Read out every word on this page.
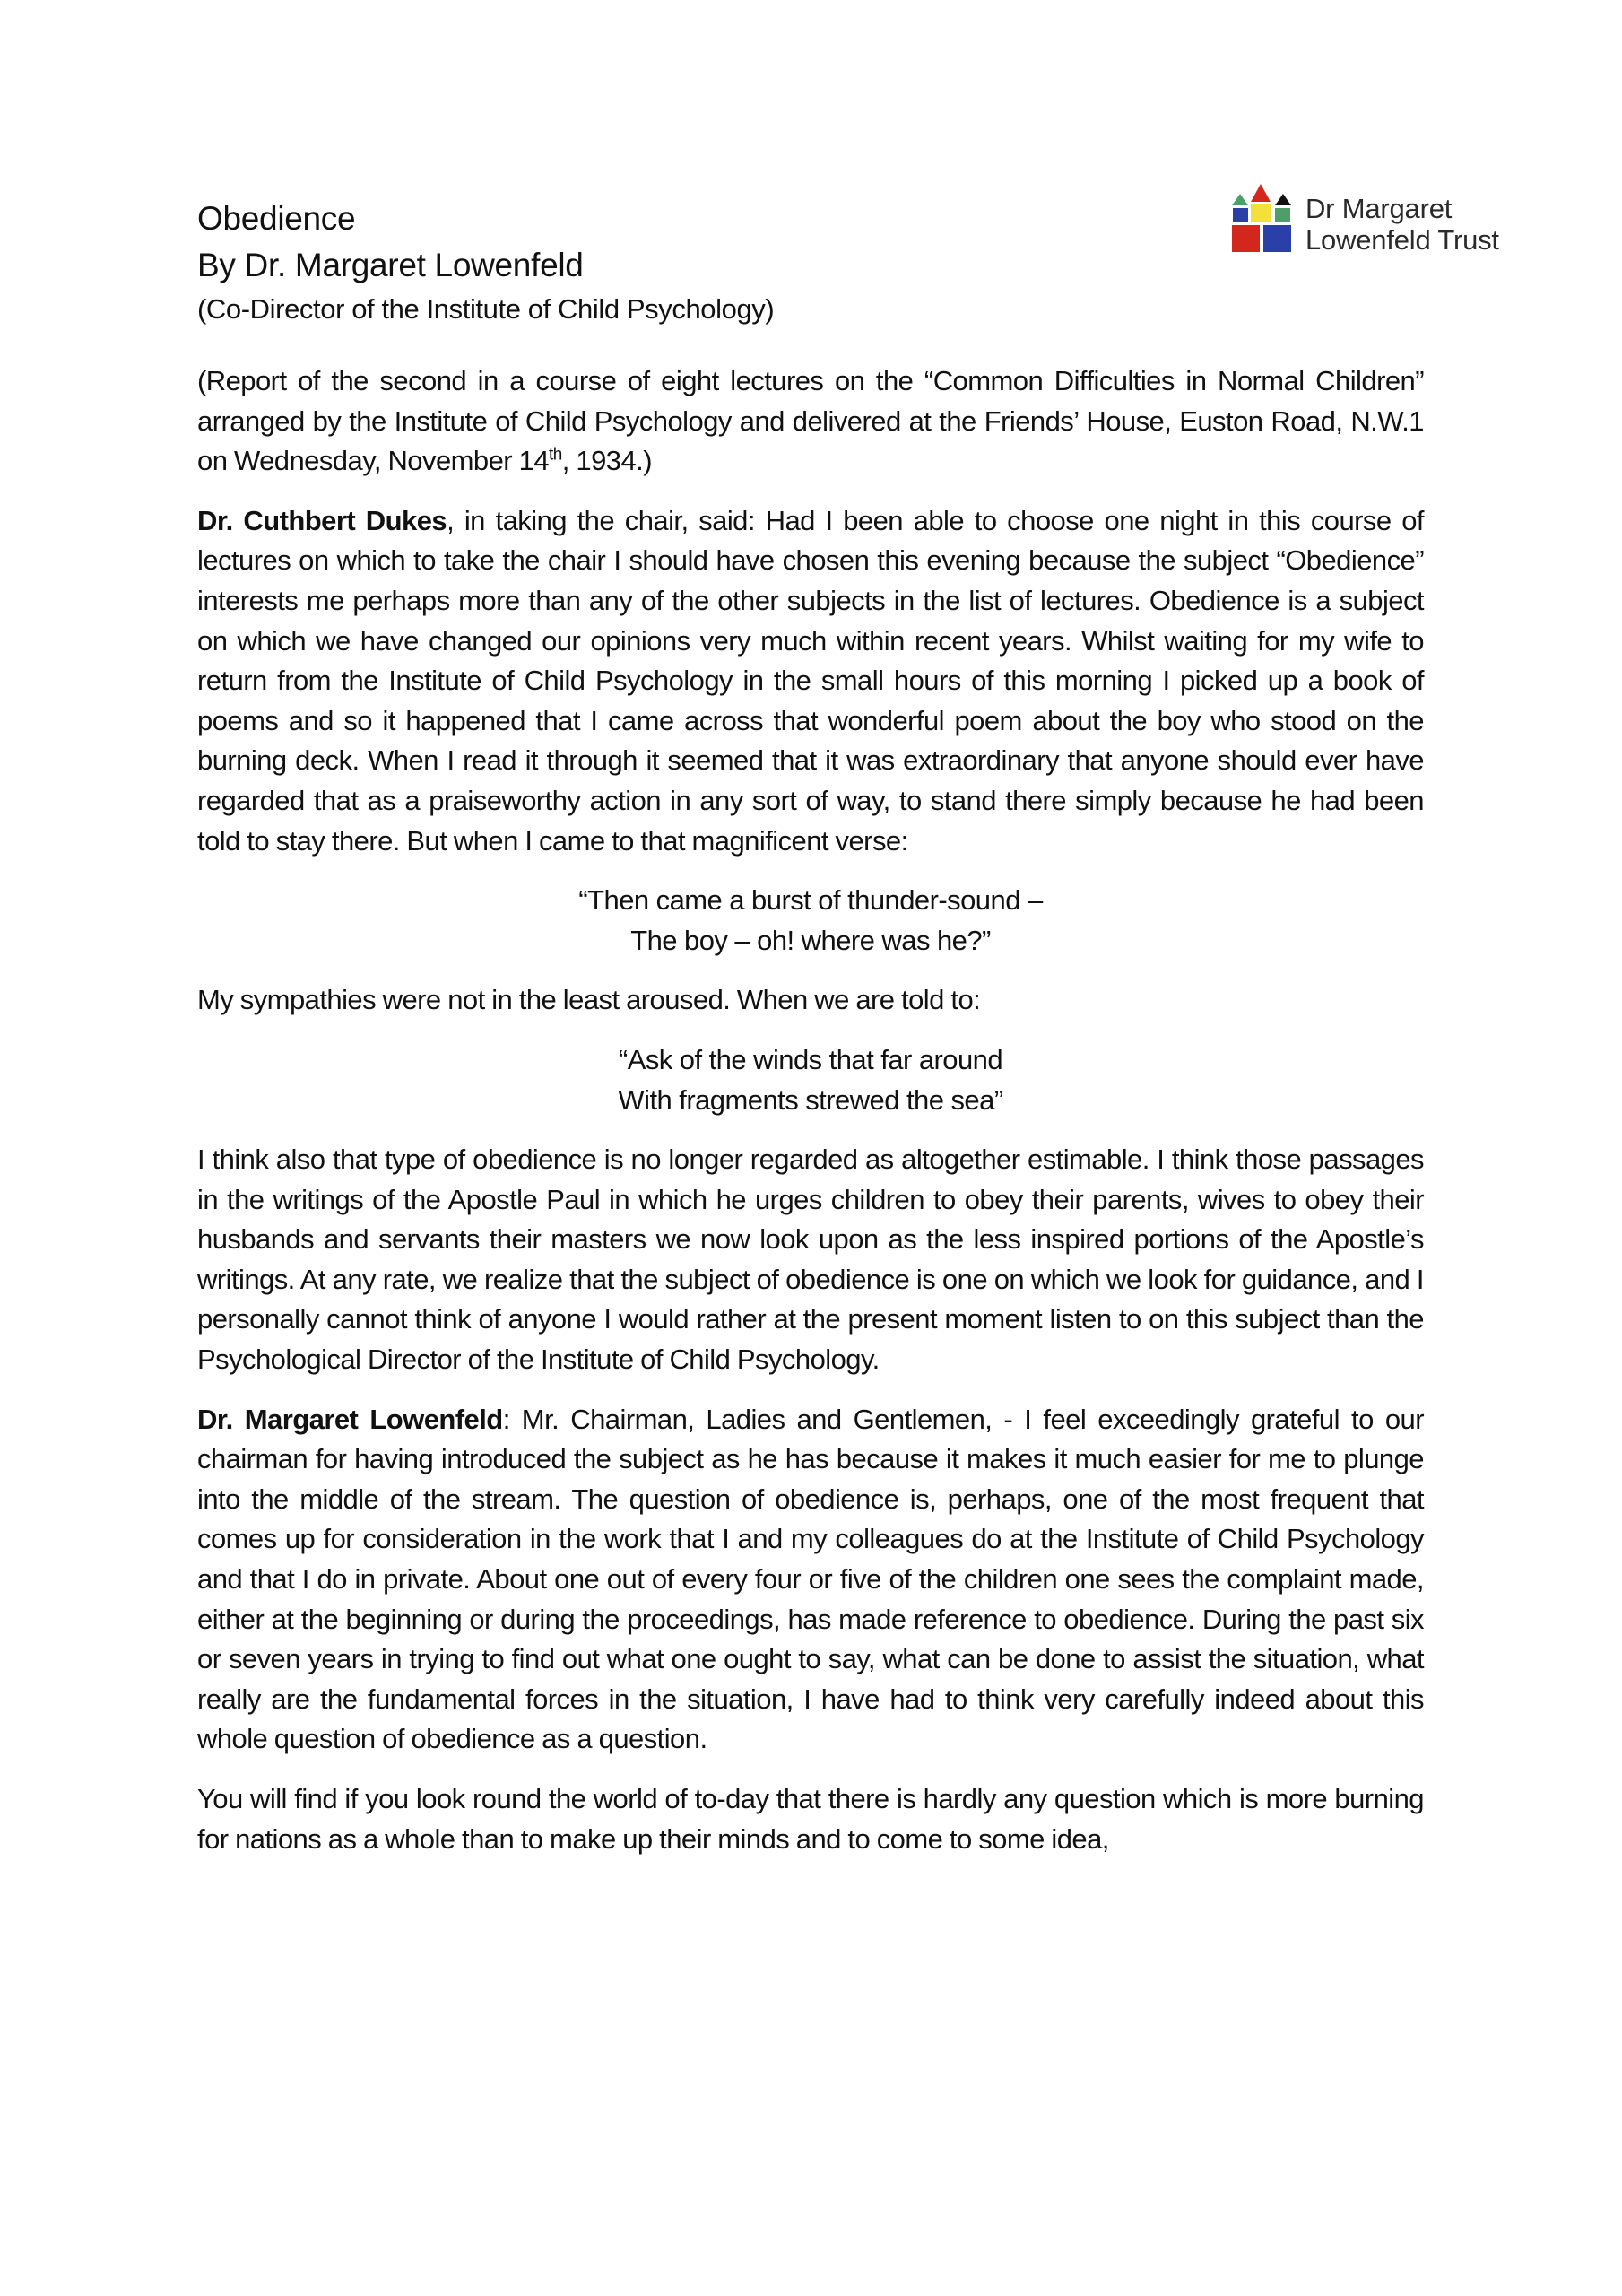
Obedience
By Dr. Margaret Lowenfeld
(Co-Director of the Institute of Child Psychology)
Dr Margaret
Lowenfeld Trust

(Report of the second in a course of eight lectures on the “Common Difficulties in Normal Children” arranged by the Institute of Child Psychology and delivered at the Friends’ House, Euston Road, N.W.1 on Wednesday, November 14th, 1934.)

Dr. Cuthbert Dukes, in taking the chair, said: Had I been able to choose one night in this course of lectures on which to take the chair I should have chosen this evening because the subject “Obedience” interests me perhaps more than any of the other subjects in the list of lectures. Obedience is a subject on which we have changed our opinions very much within recent years. Whilst waiting for my wife to return from the Institute of Child Psychology in the small hours of this morning I picked up a book of poems and so it happened that I came across that wonderful poem about the boy who stood on the burning deck. When I read it through it seemed that it was extraordinary that anyone should ever have regarded that as a praiseworthy action in any sort of way, to stand there simply because he had been told to stay there. But when I came to that magnificent verse:

“Then came a burst of thunder-sound –
The boy – oh! where was he?”

My sympathies were not in the least aroused. When we are told to:

“Ask of the winds that far around
With fragments strewed the sea”

I think also that type of obedience is no longer regarded as altogether estimable. I think those passages in the writings of the Apostle Paul in which he urges children to obey their parents, wives to obey their husbands and servants their masters we now look upon as the less inspired portions of the Apostle’s writings. At any rate, we realize that the subject of obedience is one on which we look for guidance, and I personally cannot think of anyone I would rather at the present moment listen to on this subject than the Psychological Director of the Institute of Child Psychology.

Dr. Margaret Lowenfeld: Mr. Chairman, Ladies and Gentlemen, - I feel exceedingly grateful to our chairman for having introduced the subject as he has because it makes it much easier for me to plunge into the middle of the stream. The question of obedience is, perhaps, one of the most frequent that comes up for consideration in the work that I and my colleagues do at the Institute of Child Psychology and that I do in private. About one out of every four or five of the children one sees the complaint made, either at the beginning or during the proceedings, has made reference to obedience. During the past six or seven years in trying to find out what one ought to say, what can be done to assist the situation, what really are the fundamental forces in the situation, I have had to think very carefully indeed about this whole question of obedience as a question.

You will find if you look round the world of to-day that there is hardly any question which is more burning for nations as a whole than to make up their minds and to come to some idea,
